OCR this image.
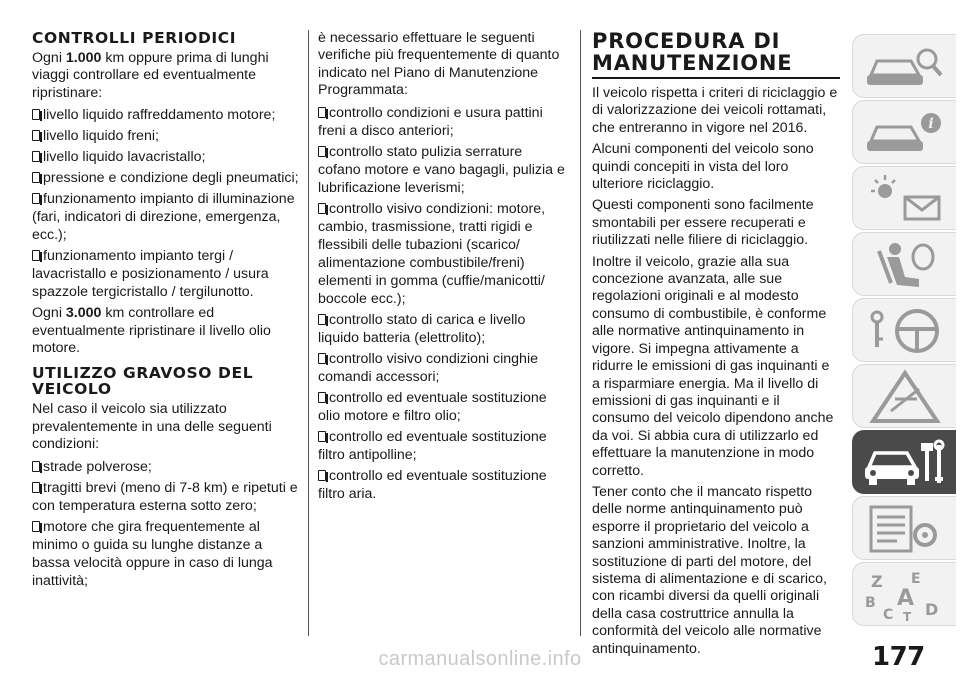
CONTROLLI PERIODICI

Ogni 1.000 km oppure prima di lunghi viaggi controllare ed eventualmente ripristinare:

livello liquido raffreddamento motore;
livello liquido freni;
livello liquido lavacristallo;
pressione e condizione degli pneumatici;
funzionamento impianto di illuminazione (fari, indicatori di direzione, emergenza, ecc.);
funzionamento impianto tergi / lavacristallo e posizionamento / usura spazzole tergicristallo / tergilunotto.

Ogni 3.000 km controllare ed eventualmente ripristinare il livello olio motore.

UTILIZZO GRAVOSO DEL VEICOLO

Nel caso il veicolo sia utilizzato prevalentemente in una delle seguenti condizioni:

strade polverose;
tragitti brevi (meno di 7-8 km) e ripetuti e con temperatura esterna sotto zero;
motore che gira frequentemente al minimo o guida su lunghe distanze a bassa velocità oppure in caso di lunga inattività;

è necessario effettuare le seguenti verifiche più frequentemente di quanto indicato nel Piano di Manutenzione Programmata:

controllo condizioni e usura pattini freni a disco anteriori;
controllo stato pulizia serrature cofano motore e vano bagagli, pulizia e lubrificazione leverismi;
controllo visivo condizioni: motore, cambio, trasmissione, tratti rigidi e flessibili delle tubazioni (scarico/ alimentazione combustibile/freni) elementi in gomma (cuffie/manicotti/ boccole ecc.);
controllo stato di carica e livello liquido batteria (elettrolito);
controllo visivo condizioni cinghie comandi accessori;
controllo ed eventuale sostituzione olio motore e filtro olio;
controllo ed eventuale sostituzione filtro antipolline;
controllo ed eventuale sostituzione filtro aria.
PROCEDURA DI MANUTENZIONE

Il veicolo rispetta i criteri di riciclaggio e di valorizzazione dei veicoli rottamati, che entreranno in vigore nel 2016.

Alcuni componenti del veicolo sono quindi concepiti in vista del loro ulteriore riciclaggio.

Questi componenti sono facilmente smontabili per essere recuperati e riutilizzati nelle filiere di riciclaggio.

Inoltre il veicolo, grazie alla sua concezione avanzata, alle sue regolazioni originali e al modesto consumo di combustibile, è conforme alle normative antinquinamento in vigore. Si impegna attivamente a ridurre le emissioni di gas inquinanti e a risparmiare energia. Ma il livello di emissioni di gas inquinanti e il consumo del veicolo dipendono anche da voi. Si abbia cura di utilizzarlo ed effettuare la manutenzione in modo corretto.

Tener conto che il mancato rispetto delle norme antinquinamento può esporre il proprietario del veicolo a sanzioni amministrative. Inoltre, la sostituzione di parti del motore, del sistema di alimentazione e di scarico, con ricambi diversi da quelli originali della casa costruttrice annulla la conformità del veicolo alle normative antinquinamento.

i
Z E
B A
C T D
177
carmanualsonline.info
